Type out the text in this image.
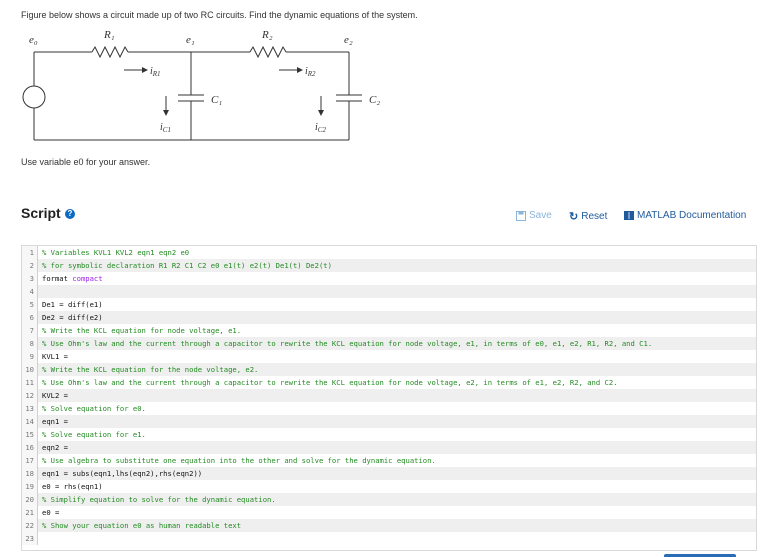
Figure below shows a circuit made up of two RC circuits. Find the dynamic equations of the system.
e₀	R₁	e₁	R₂	e₂
C₁	C₂
$i_{R1}$	$i_{R2}$
$i_{C1}$	$i_{C2}$
Use variable e0 for your answer.
Script ?	Save ↻ Reset	MATLAB Documentation
1	% Variables KVL1 KVL2 eqn1 eqn2 e0
2	% for symbolic declaration R1 R2 C1 C2 e0 e1(t) e2(t) De1(t) De2(t)
3	format compact
4
5	De1 = diff(e1)
6	De2 = diff(e2)
7	% Write the KCL equation for node voltage, e1.
8	% Use Ohm's law and the current through a capacitor to rewrite the KCL equation for node voltage, e1, in terms of e0, e1, e2, R1, R2, and C1.
9	KVL1 =
10	% Write the KCL equation for the node voltage, e2.
11	% Use Ohm's law and the current through a capacitor to rewrite the KCL equation for node voltage, e2, in terms of e1, e2, R2, and C2.
12	KVL2 =
13	% Solve equation for e0.
14	eqn1 =
15	% Solve equation for e1.
16	eqn2 =
17	% Use algebra to substitute one equation into the other and solve for the dynamic equation.
18	eqn1 = subs(eqn1,lhs(eqn2),rhs(eqn2))
19	e0 = rhs(eqn1)
20	% Simplify equation to solve for the dynamic equation.
21	e0 =
22	% Show your equation e0 as human readable text
23
